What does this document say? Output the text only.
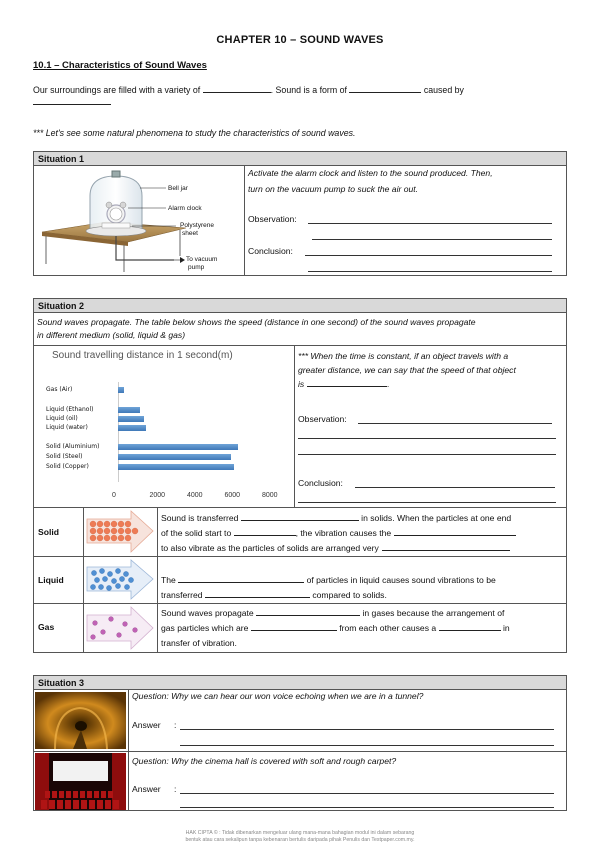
CHAPTER 10 – SOUND WAVES
10.1 – Characteristics of Sound Waves
Our surroundings are filled with a variety of	. Sound is a form of	caused by

*** Let's see some natural phenomena to study the characteristics of sound waves.
Situation 1
Bell jar
Alarm clock
Polystyrene
sheet
To vacuum
pump
Activate the alarm clock and listen to the sound produced. Then,
turn on the vacuum pump to suck the air out.
Observation:
Conclusion:
Situation 2
Sound waves propagate. The table below shows the speed (distance in one second) of the sound waves propagate
in different medium (solid, liquid & gas)
Sound travelling distance in 1 second(m)
Gas (Air)
Liquid (Ethanol)
Liquid (oil)
Liquid (water)
Solid (Aluminium)
Solid (Steel)
Solid (Copper)
0	2000	4000	6000	8000
*** When the time is constant, if an object travels with a
greater distance, we can say that the speed of that object
is	.
Observation:
Conclusion:
Solid
Liquid
Gas
Sound is transferred	in solids. When the particles at one end
of the solid start to	, the vibration causes the
to also vibrate as the particles of solids are arranged very
The	of particles in liquid causes sound vibrations to be
transferred	compared to solids.
Sound waves propagate	in gases because the arrangement of
gas particles which are	from each other causes a	in
transfer of vibration.
Situation 3
Question: Why we can hear our won voice echoing when we are in a tunnel?
Answer :
Question: Why the cinema hall is covered with soft and rough carpet?
Answer :
HAK CIPTA © : Tidak dibenarkan mengeluar ulang mana-mana bahagian modul ini dalam sebarang
bentuk atau cara sekalipun tanpa kebenaran bertulis daripada pihak Penulis dan Testpaper.com.my.
